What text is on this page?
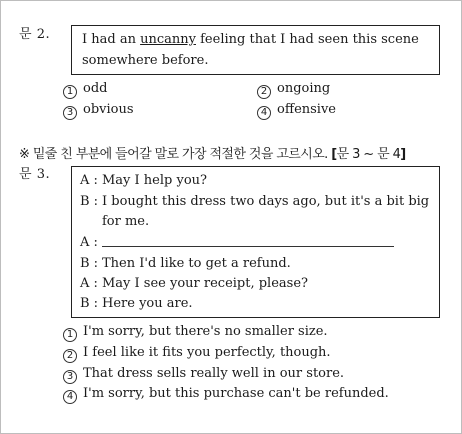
문 2. I had an uncanny feeling that I had seen this scene
somewhere before.
1 odd	2 ongoing
3 obvious	4 offensive
※ 밑줄 친 부분에 들어갈 말로 가장 적절한 것을 고르시오. [문 3 ~ 문 4]
문 3. A : May I help you?
B : I bought this dress two days ago, but it's a bit big
for me.
A :
B : Then I'd like to get a refund.
A : May I see your receipt, please?
B : Here you are.
1 I'm sorry, but there's no smaller size.
2 I feel like it fits you perfectly, though.
3 That dress sells really well in our store.
4 I'm sorry, but this purchase can't be refunded.
